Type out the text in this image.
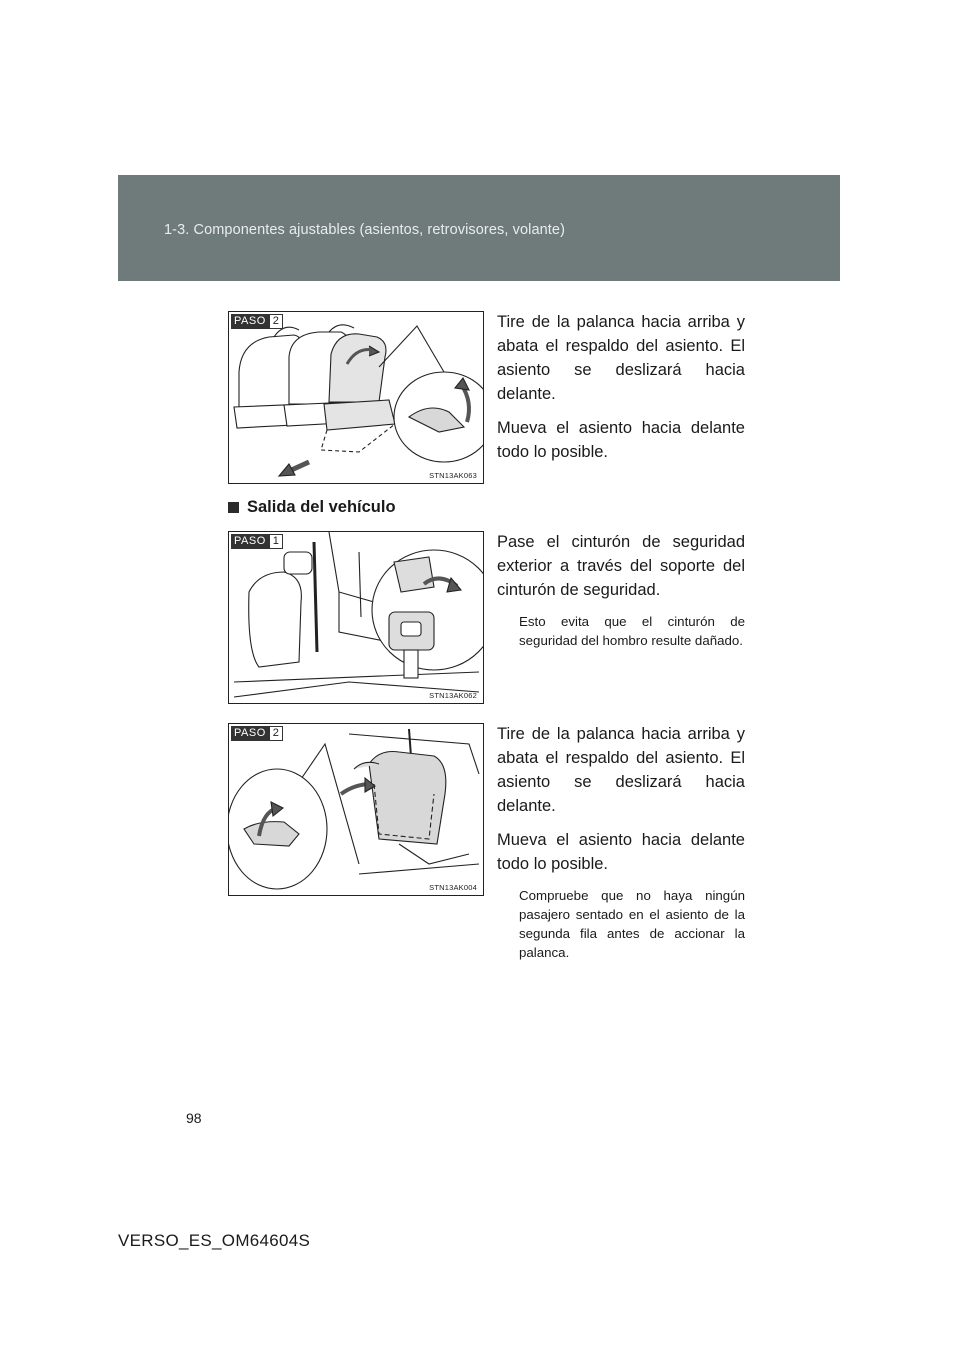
1-3. Componentes ajustables (asientos, retrovisores, volante)
PASO 2
STN13AK063

Tire de la palanca hacia arriba y abata el respaldo del asiento. El asiento se deslizará hacia delante.

Mueva el asiento hacia delante todo lo posible.

Salida del vehículo
PASO 1
STN13AK062

Pase el cinturón de seguridad exterior a través del soporte del cinturón de seguridad.

Esto evita que el cinturón de seguridad del hombro resulte dañado.

PASO 2
STN13AK004

Tire de la palanca hacia arriba y abata el respaldo del asiento. El asiento se deslizará hacia delante.

Mueva el asiento hacia delante todo lo posible.

Compruebe que no haya ningún pasajero sentado en el asiento de la segunda fila antes de accionar la palanca.

98
VERSO_ES_OM64604S
